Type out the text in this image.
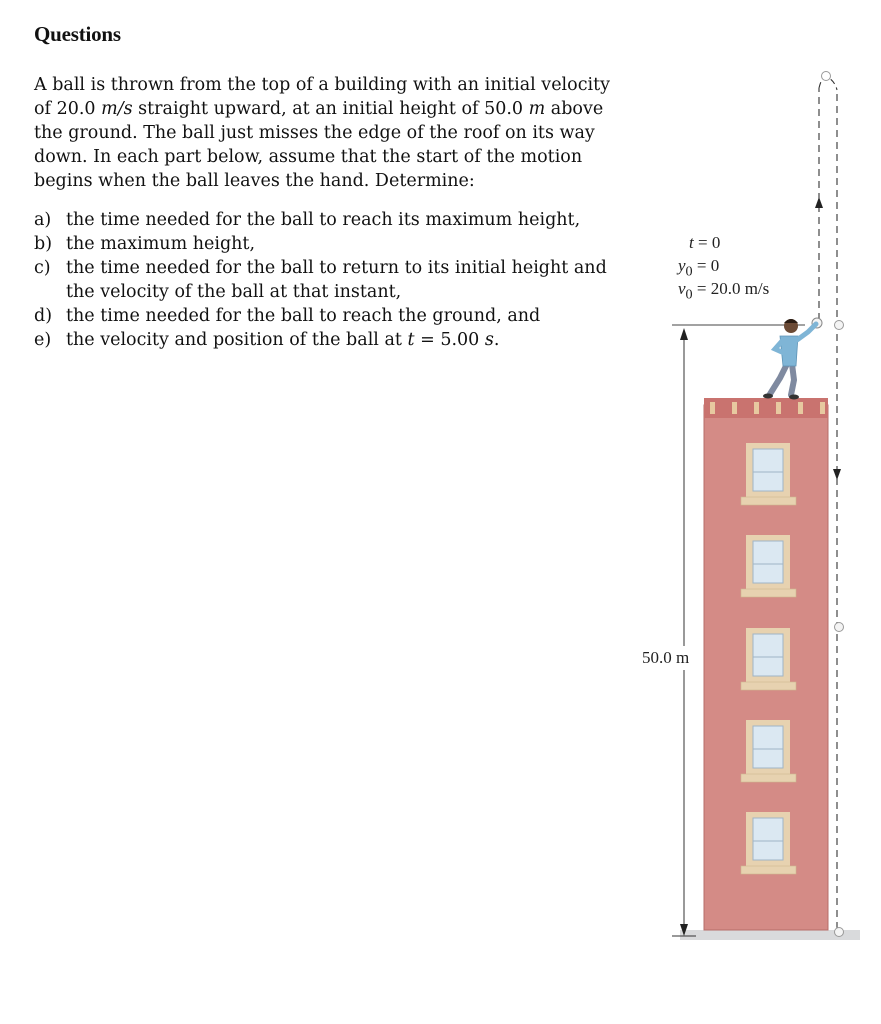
Questions

A ball is thrown from the top of a building with an initial velocity of 20.0 m/s straight upward, at an initial height of 50.0 m above the ground. The ball just misses the edge of the roof on its way down. In each part below, assume that the start of the motion begins when the ball leaves the hand. Determine:

a) the time needed for the ball to reach its maximum height,
b) the maximum height,
c) the time needed for the ball to return to its initial height and the velocity of the ball at that instant,
d) the time needed for the ball to reach the ground, and
e) the velocity and position of the ball at t = 5.00 s.
t = 0
$y_0 = 0$
$v_0 = 20.0$ m/s
50.0 m
